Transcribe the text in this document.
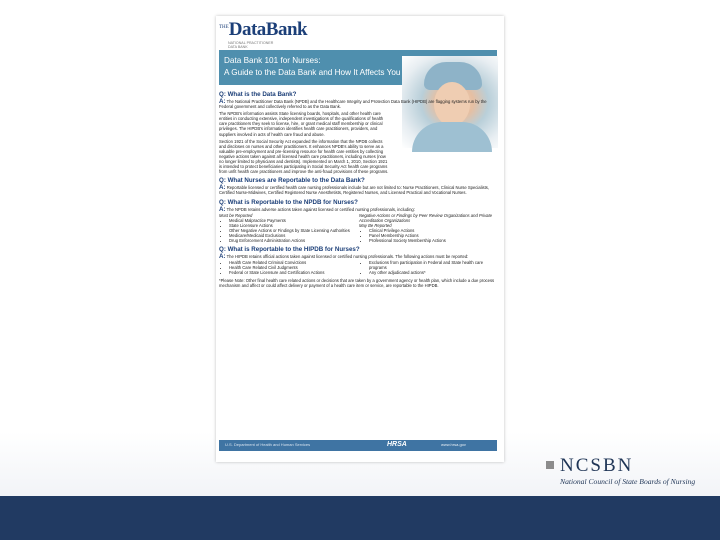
$^{THE}$DataBank
NATIONAL PRACTITIONER
DATA BANK
Data Bank 101 for Nurses:
A Guide to the Data Bank and How It Affects You
Q: What is the Data Bank?

A: The National Practitioner Data Bank (NPDB) and the Healthcare Integrity and Protection Data Bank (HIPDB) are flagging systems run by the Federal government and collectively referred to as the Data Bank.

The NPDB's information assists State licensing boards, hospitals, and other health care entities in conducting extensive, independent investigations of the qualifications of health care practitioners they seek to license, hire, or grant medical staff membership or clinical privileges. The HIPDB's information identifies health care practitioners, providers, and suppliers involved in acts of health care fraud and abuse.

Section 1921 of the Social Security Act expanded the information that the NPDB collects and discloses on nurses and other practitioners. It enhances NPDB's ability to serve as a valuable pre-employment and pre-licensing resource for health care entities by collecting negative actions taken against all licensed health care practitioners, including nurses (now no longer limited to physicians and dentists). Implemented on March 1, 2010, Section 1921 is intended to protect beneficiaries participating in Social Security Act health care programs from unfit health care practitioners and improve the anti-fraud provisions of these programs.

Q: What Nurses are Reportable to the Data Bank?

A: Reportable licensed or certified health care nursing professionals include but are not limited to: Nurse Practitioners, Clinical Nurse Specialists, Certified Nurse-Midwives, Certified Registered Nurse Anesthetists, Registered Nurses, and Licensed Practical and Vocational Nurses.

Q: What is Reportable to the NPDB for Nurses?

A: The NPDB retains adverse actions taken against licensed or certified nursing professionals, including:

Must be Reported
• Medical Malpractice Payments
• State Licensure Actions
• Other Negative Actions or Findings by State Licensing Authorities
• Medicare/Medicaid Exclusions
• Drug Enforcement Administration Actions
Negative Actions or Findings by Peer Review Organizations and Private Accreditation Organizations
May Be Reported
• Clinical Privilege Actions
• Panel Membership Actions
• Professional Society Membership Actions
Q: What is Reportable to the HIPDB for Nurses?

A: The HIPDB retains official actions taken against licensed or certified nursing professionals. The following actions must be reported:

• Health Care Related Criminal Convictions
• Health Care Related Civil Judgments
• Federal or State Licensure and Certification Actions
• Exclusions from participation in Federal and State health care programs
• Any other adjudicated actions*

*Please Note: Other final health care related actions or decisions that are taken by a government agency or health plan, which include a due process mechanism and affect or could affect delivery or payment of a health care item or service, are reportable to the HIPDB.

U.S. Department of Health and Human Services	HRSA	www.hrsa.gov
NCSBN
National Council of State Boards of Nursing
